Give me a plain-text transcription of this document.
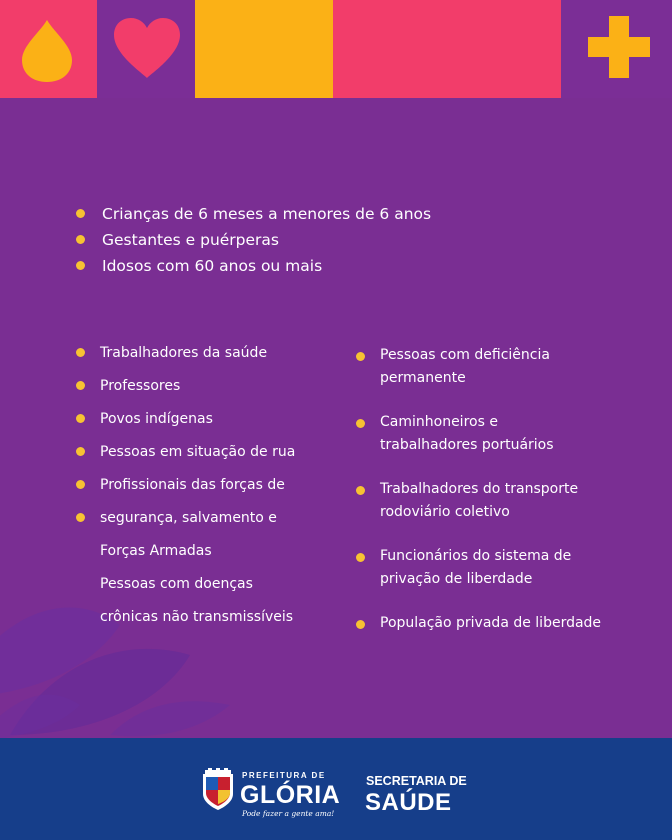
Crianças de 6 meses a menores de 6 anos
Gestantes e puérperas
Idosos com 60 anos ou mais
Trabalhadores da saúde
Professores
Povos indígenas
Pessoas em situação de rua
Profissionais das forças de
segurança, salvamento e
Forças Armadas
Pessoas com doenças
crônicas não transmissíveis
Pessoas com deficiência
permanente
Caminhoneiros e
trabalhadores portuários
Trabalhadores do transporte
rodoviário coletivo
Funcionários do sistema de
privação de liberdade
População privada de liberdade
PREFEITURA DE
GLÓRIA
Pode fazer a gente ama!
SECRETARIA DE
SAÚDE
